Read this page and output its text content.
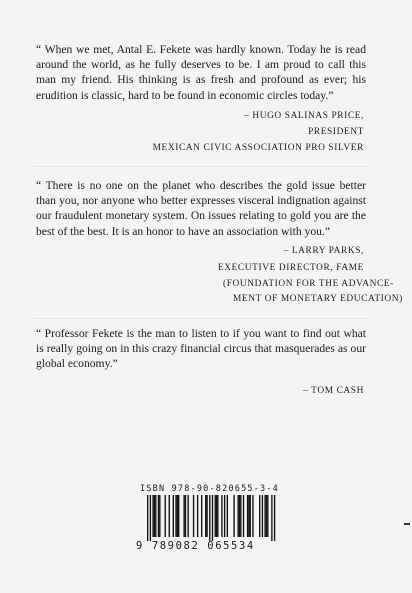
“ When we met, Antal E. Fekete was hardly known. Today he is read around the world, as he fully deserves to be. I am proud to call this man my friend. His thinking is as fresh and profound as ever; his erudition is classic, hard to be found in economic circles today.”

– HUGO SALINAS PRICE,
PRESIDENT
MEXICAN CIVIC ASSOCIATION PRO SILVER

“ There is no one on the planet who describes the gold issue better than you, nor anyone who better expresses visceral indignation against our fraudulent monetary system. On issues relating to gold you are the best of the best. It is an honor to have an association with you.”

– LARRY PARKS,
EXECUTIVE DIRECTOR, FAME
(FOUNDATION FOR THE ADVANCE-
MENT OF MONETARY EDUCATION)

“ Professor Fekete is the man to listen to if you want to find out what is really going on in this crazy financial circus that masquerades as our global economy.”

– TOM CASH
ISBN 978-90-820655-3-4
9 789082 065534
